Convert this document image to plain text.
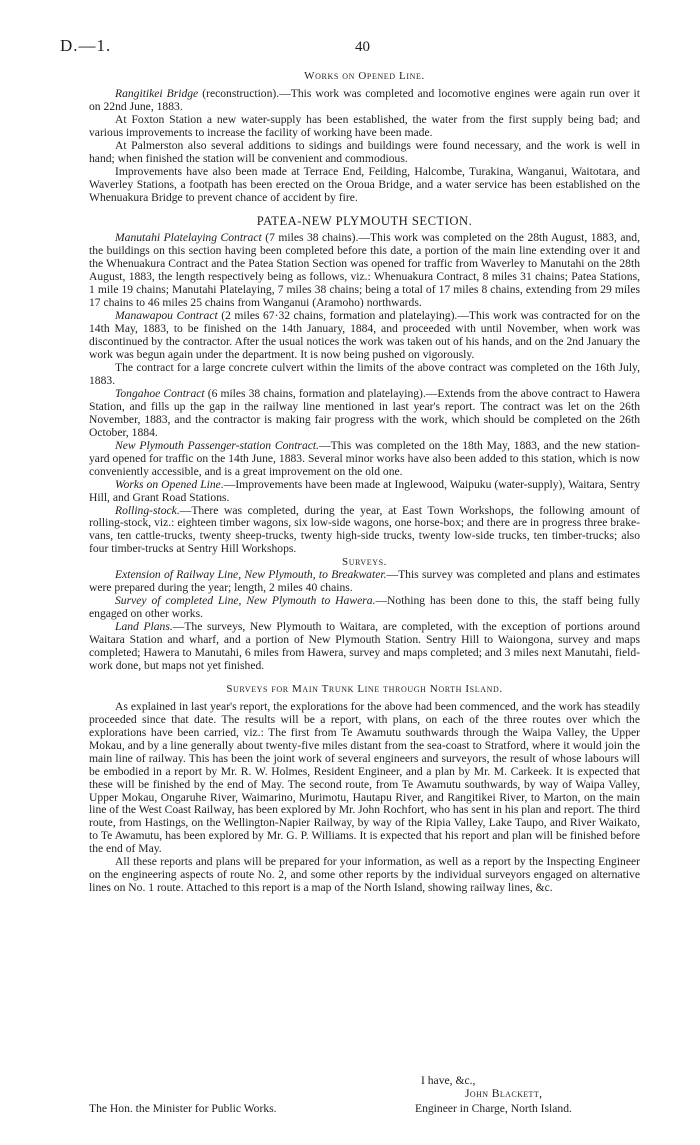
D.—1.	40
Works on Opened Line.

Rangitikei Bridge (reconstruction).—This work was completed and locomotive engines were again run over it on 22nd June, 1883.

At Foxton Station a new water-supply has been established, the water from the first supply being bad; and various improvements to increase the facility of working have been made.

At Palmerston also several additions to sidings and buildings were found necessary, and the work is well in hand; when finished the station will be convenient and commodious.

Improvements have also been made at Terrace End, Feilding, Halcombe, Turakina, Wanganui, Waitotara, and Waverley Stations, a footpath has been erected on the Oroua Bridge, and a water service has been established on the Whenuakura Bridge to prevent chance of accident by fire.

PATEA-NEW PLYMOUTH SECTION.

Manutahi Platelaying Contract (7 miles 38 chains).—This work was completed on the 28th August, 1883, and, the buildings on this section having been completed before this date, a portion of the main line extending over it and the Whenuakura Contract and the Patea Station Section was opened for traffic from Waverley to Manutahi on the 28th August, 1883, the length respectively being as follows, viz.: Whenuakura Contract, 8 miles 31 chains; Patea Stations, 1 mile 19 chains; Manutahi Platelaying, 7 miles 38 chains; being a total of 17 miles 8 chains, extending from 29 miles 17 chains to 46 miles 25 chains from Wanganui (Aramoho) northwards.

Manawapou Contract (2 miles 67·32 chains, formation and platelaying).—This work was contracted for on the 14th May, 1883, to be finished on the 14th January, 1884, and proceeded with until November, when work was discontinued by the contractor. After the usual notices the work was taken out of his hands, and on the 2nd January the work was begun again under the department. It is now being pushed on vigorously.

The contract for a large concrete culvert within the limits of the above contract was completed on the 16th July, 1883.

Tongahoe Contract (6 miles 38 chains, formation and platelaying).—Extends from the above contract to Hawera Station, and fills up the gap in the railway line mentioned in last year's report. The contract was let on the 26th November, 1883, and the contractor is making fair progress with the work, which should be completed on the 26th October, 1884.

New Plymouth Passenger-station Contract.—This was completed on the 18th May, 1883, and the new station-yard opened for traffic on the 14th June, 1883. Several minor works have also been added to this station, which is now conveniently accessible, and is a great improvement on the old one.

Works on Opened Line.—Improvements have been made at Inglewood, Waipuku (water-supply), Waitara, Sentry Hill, and Grant Road Stations.

Rolling-stock.—There was completed, during the year, at East Town Workshops, the following amount of rolling-stock, viz.: eighteen timber wagons, six low-side wagons, one horse-box; and there are in progress three brake-vans, ten cattle-trucks, twenty sheep-trucks, twenty high-side trucks, twenty low-side trucks, ten timber-trucks; also four timber-trucks at Sentry Hill Workshops.

Surveys.

Extension of Railway Line, New Plymouth, to Breakwater.—This survey was completed and plans and estimates were prepared during the year; length, 2 miles 40 chains.

Survey of completed Line, New Plymouth to Hawera.—Nothing has been done to this, the staff being fully engaged on other works.

Land Plans.—The surveys, New Plymouth to Waitara, are completed, with the exception of portions around Waitara Station and wharf, and a portion of New Plymouth Station. Sentry Hill to Waiongona, survey and maps completed; Hawera to Manutahi, 6 miles from Hawera, survey and maps completed; and 3 miles next Manutahi, field-work done, but maps not yet finished.

Surveys for Main Trunk Line through North Island.

As explained in last year's report, the explorations for the above had been commenced, and the work has steadily proceeded since that date. The results will be a report, with plans, on each of the three routes over which the explorations have been carried, viz.: The first from Te Awamutu southwards through the Waipa Valley, the Upper Mokau, and by a line generally about twenty-five miles distant from the sea-coast to Stratford, where it would join the main line of railway. This has been the joint work of several engineers and surveyors, the result of whose labours will be embodied in a report by Mr. R. W. Holmes, Resident Engineer, and a plan by Mr. M. Carkeek. It is expected that these will be finished by the end of May. The second route, from Te Awamutu southwards, by way of Waipa Valley, Upper Mokau, Ongaruhe River, Waimarino, Murimotu, Hautapu River, and Rangitikei River, to Marton, on the main line of the West Coast Railway, has been explored by Mr. John Rochfort, who has sent in his plan and report. The third route, from Hastings, on the Wellington-Napier Railway, by way of the Ripia Valley, Lake Taupo, and River Waikato, to Te Awamutu, has been explored by Mr. G. P. Williams. It is expected that his report and plan will be finished before the end of May.

All these reports and plans will be prepared for your information, as well as a report by the Inspecting Engineer on the engineering aspects of route No. 2, and some other reports by the individual surveyors engaged on alternative lines on No. 1 route. Attached to this report is a map of the North Island, showing railway lines, &c.

I have, &c.,
John Blackett,
The Hon. the Minister for Public Works.	Engineer in Charge, North Island.
